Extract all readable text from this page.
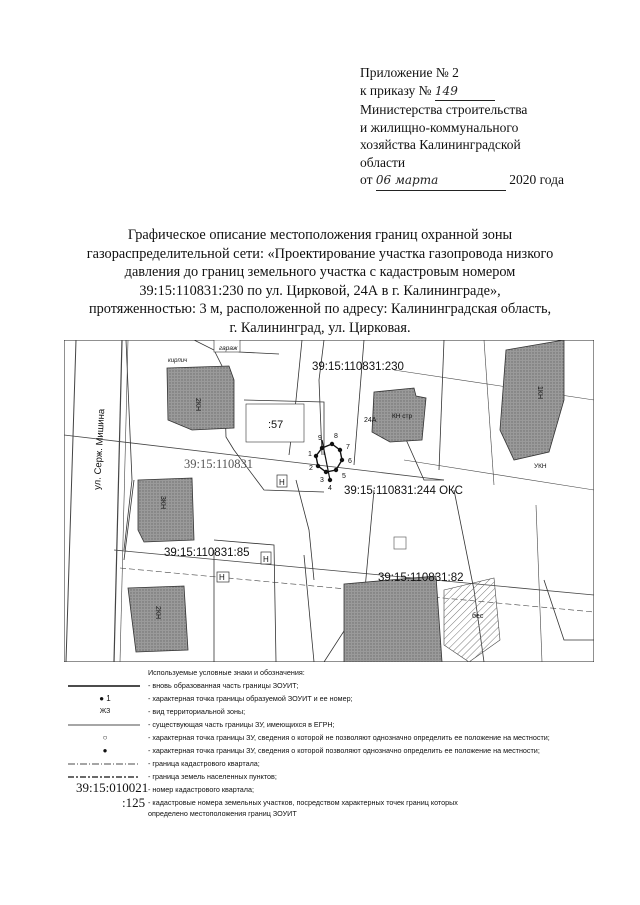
Приложение № 2
к приказу № 149
Министерства строительства
и жилищно-коммунального
хозяйства Калининградской
области
от 06 марта	2020 года
Графическое описание местоположения границ охранной зоны
газораспределительной сети: «Проектирование участка газопровода низкого
давления до границ земельного участка с кадастровым номером
39:15:110831:230 по ул. Цирковой, 24А в г. Калининграде»,
протяженностью: 3 м, расположенной по адресу: Калининградская область,
г. Калининград, ул. Цирковая.
1
2
3
4
5
6
7
8
9
39:15:110831:230
39:15:110831
39:15:110831:244 ОКС
39:15:110831:85
39:15:110831:82
:57
ул. Серж. Мишина
гараж
кирпич
2КН
3КН
2КН
КН стр
24А
1КН
УКН
Н
Н
Н
бес
Используемые условные знаки и обозначения:
- вновь образованная часть границы ЗОУИТ;
● 1	- характерная точка границы образуемой ЗОУИТ и ее номер;
ЖЗ	- вид территориальной зоны;
- существующая часть границы ЗУ, имеющихся в ЕГРН;
○	- характерная точка границы ЗУ, сведения о которой не позволяют однозначно определить ее положение на местности;
●	- характерная точка границы ЗУ, сведения о которой позволяют однозначно определить ее положение на местности;
- граница кадастрового квартала;
- граница земель населенных пунктов;
39:15:010021 - номер кадастрового квартала;
:125 - кадастровые номера земельных участков, посредством характерных точек границ которых
определено местоположения границ ЗОУИТ
